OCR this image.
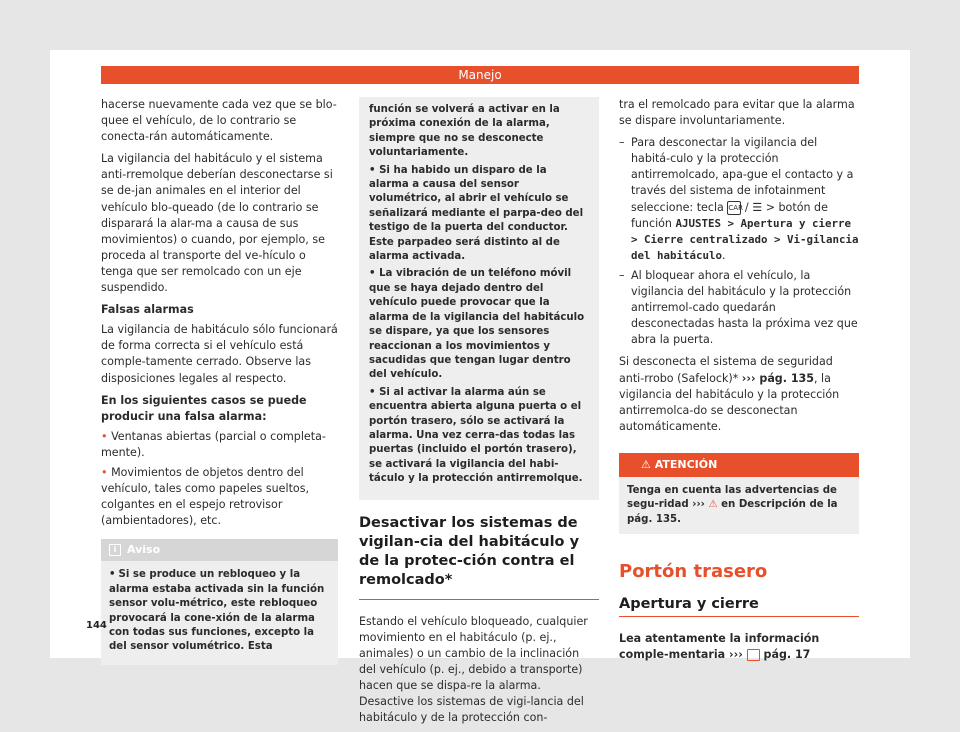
Manejo

hacerse nuevamente cada vez que se blo-quee el vehículo, de lo contrario se conecta-rán automáticamente.

La vigilancia del habitáculo y el sistema anti-rremolque deberían desconectarse si se de-jan animales en el interior del vehículo blo-queado (de lo contrario se disparará la alar-ma a causa de sus movimientos) o cuando, por ejemplo, se proceda al transporte del ve-hículo o tenga que ser remolcado con un eje suspendido.

Falsas alarmas

La vigilancia de habitáculo sólo funcionará de forma correcta si el vehículo está comple-tamente cerrado. Observe las disposiciones legales al respecto.

En los siguientes casos se puede producir una falsa alarma:
• Ventanas abiertas (parcial o completa-mente).
• Movimientos de objetos dentro del vehículo, tales como papeles sueltos, colgantes en el espejo retrovisor (ambientadores), etc.
i Aviso
• Si se produce un rebloqueo y la alarma estaba activada sin la función sensor volu-métrico, este rebloqueo provocará la cone-xión de la alarma con todas sus funciones, excepto la del sensor volumétrico. Esta
función se volverá a activar en la próxima conexión de la alarma, siempre que no se desconecte voluntariamente.
• Si ha habido un disparo de la alarma a causa del sensor volumétrico, al abrir el vehículo se señalizará mediante el parpa-deo del testigo de la puerta del conductor. Este parpadeo será distinto al de alarma activada.
• La vibración de un teléfono móvil que se haya dejado dentro del vehículo puede provocar que la alarma de la vigilancia del habitáculo se dispare, ya que los sensores reaccionan a los movimientos y sacudidas que tengan lugar dentro del vehículo.
• Si al activar la alarma aún se encuentra abierta alguna puerta o el portón trasero, sólo se activará la alarma. Una vez cerra-das todas las puertas (incluido el portón trasero), se activará la vigilancia del habi-táculo y la protección antirremolque.
Desactivar los sistemas de vigilan-cia del habitáculo y de la protec-ción contra el remolcado*

Estando el vehículo bloqueado, cualquier movimiento en el habitáculo (p. ej., animales) o un cambio de la inclinación del vehículo (p. ej., debido a transporte) hacen que se dispa-re la alarma. Desactive los sistemas de vigi-lancia del habitáculo y de la protección con-

tra el remolcado para evitar que la alarma se dispare involuntariamente.

– Para desconectar la vigilancia del habitá-culo y la protección antirremolcado, apa-gue el contacto y a través del sistema de infotainment seleccione: tecla CAR / ☰ > botón de función AJUSTES > Apertura y cierre > Cierre centralizado > Vi-gilancia del habitáculo.
– Al bloquear ahora el vehículo, la vigilancia del habitáculo y la protección antirremol-cado quedarán desconectadas hasta la próxima vez que abra la puerta.

Si desconecta el sistema de seguridad anti-rrobo (Safelock)* ››› pág. 135, la vigilancia del habitáculo y la protección antirremolca-do se desconectan automáticamente.

⚠ ATENCIÓN
Tenga en cuenta las advertencias de segu-ridad ››› ⚠ en Descripción de la pág. 135.
Portón trasero
Apertura y cierre

Lea atentamente la información comple-mentaria ››› pág. 17

144
